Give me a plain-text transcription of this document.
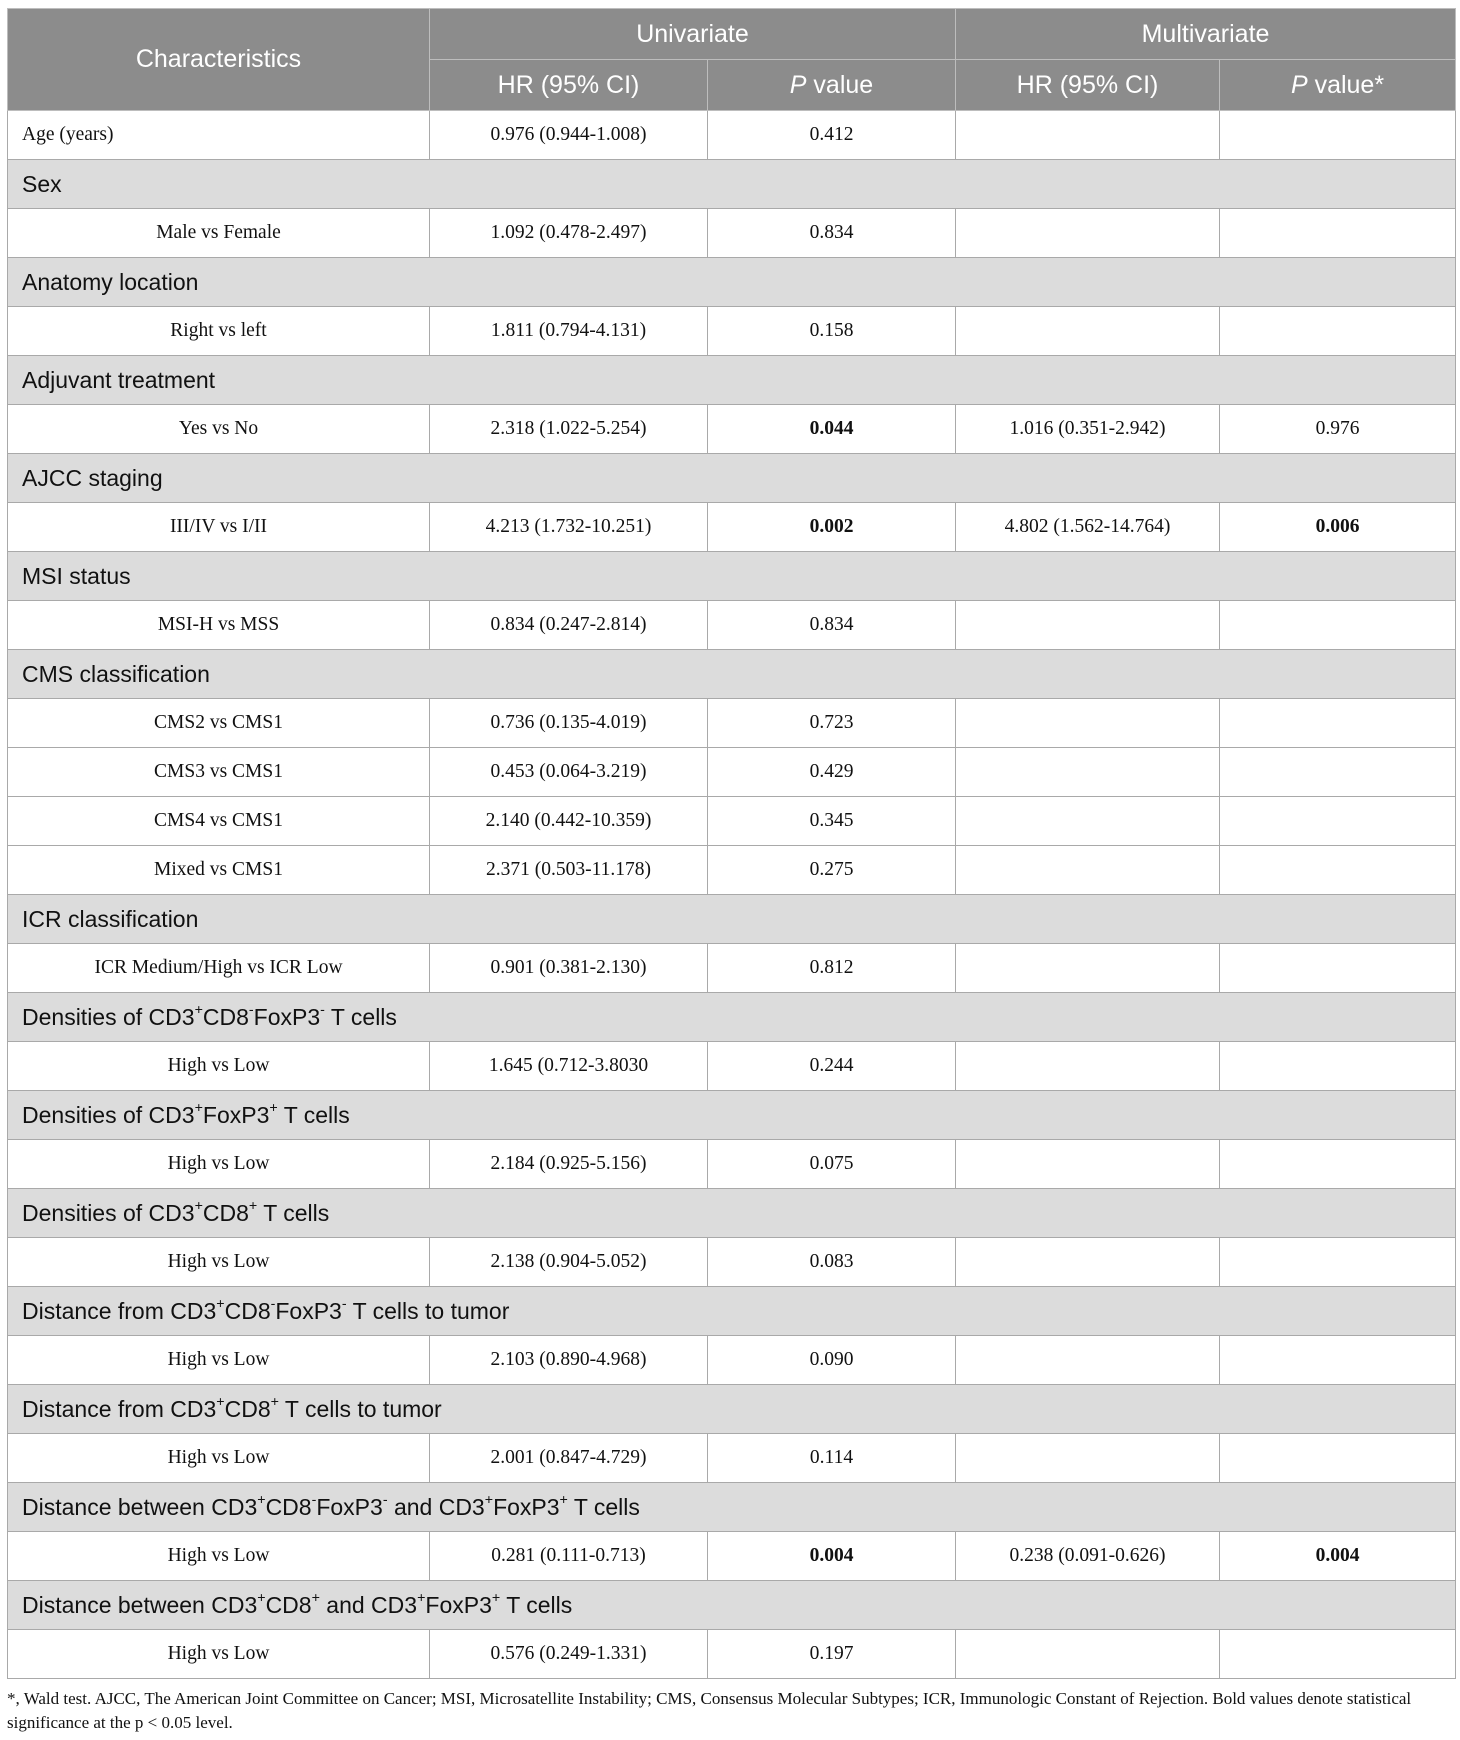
Characteristics	Univariate		Multivariate	
	HR (95% CI)	P value	HR (95% CI)	P value*
Age (years)	0.976 (0.944-1.008)	0.412		
Sex				
Male vs Female	1.092 (0.478-2.497)	0.834		
Anatomy location				
Right vs left	1.811 (0.794-4.131)	0.158		
Adjuvant treatment				
Yes vs No	2.318 (1.022-5.254)	0.044	1.016 (0.351-2.942)	0.976
AJCC staging				
III/IV vs I/II	4.213 (1.732-10.251)	0.002	4.802 (1.562-14.764)	0.006
MSI status				
MSI-H vs MSS	0.834 (0.247-2.814)	0.834		
CMS classification				
CMS2 vs CMS1	0.736 (0.135-4.019)	0.723		
CMS3 vs CMS1	0.453 (0.064-3.219)	0.429		
CMS4 vs CMS1	2.140 (0.442-10.359)	0.345		
Mixed vs CMS1	2.371 (0.503-11.178)	0.275		
ICR classification				
ICR Medium/High vs ICR Low	0.901 (0.381-2.130)	0.812		
Densities of CD3+CD8-FoxP3- T cells				
High vs Low	1.645 (0.712-3.8030	0.244		
Densities of CD3+FoxP3+ T cells				
High vs Low	2.184 (0.925-5.156)	0.075		
Densities of CD3+CD8+ T cells				
High vs Low	2.138 (0.904-5.052)	0.083		
Distance from CD3+CD8-FoxP3- T cells to tumor				
High vs Low	2.103 (0.890-4.968)	0.090		
Distance from CD3+CD8+ T cells to tumor				
High vs Low	2.001 (0.847-4.729)	0.114		
Distance between CD3+CD8-FoxP3- and CD3+FoxP3+ T cells				
High vs Low	0.281 (0.111-0.713)	0.004	0.238 (0.091-0.626)	0.004
Distance between CD3+CD8+ and CD3+FoxP3+ T cells				
High vs Low	0.576 (0.249-1.331)	0.197		
*, Wald test. AJCC, The American Joint Committee on Cancer; MSI, Microsatellite Instability; CMS, Consensus Molecular Subtypes; ICR, Immunologic Constant of Rejection. Bold values denote statistical significance at the p < 0.05 level.
